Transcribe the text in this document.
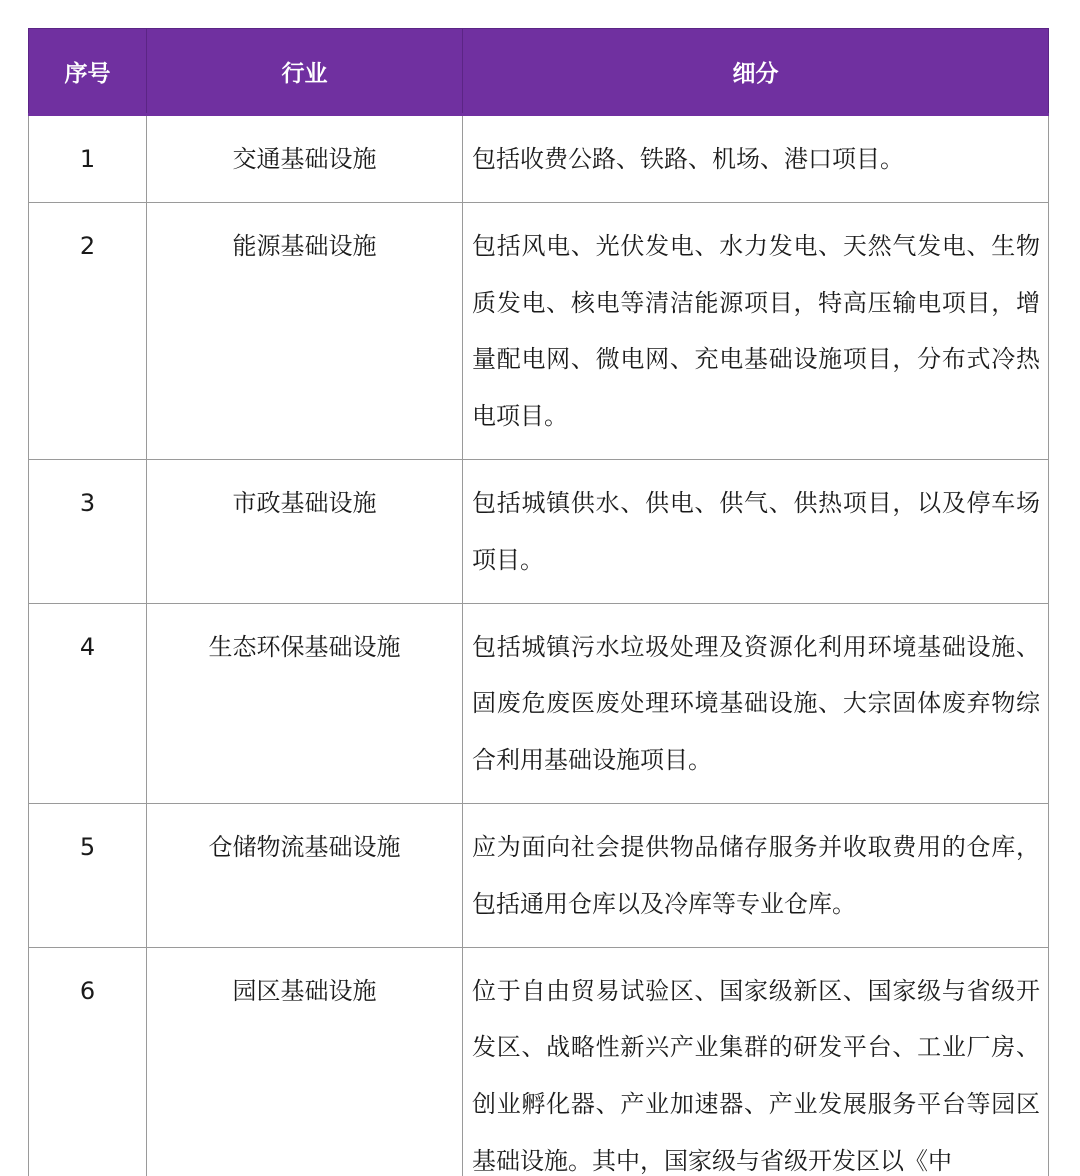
序号	行业	细分
1	交通基础设施	包括收费公路、铁路、机场、港口项目。
2	能源基础设施	包括风电、光伏发电、水力发电、天然气发电、生物质发电、核电等清洁能源项目，特高压输电项目，增量配电网、微电网、充电基础设施项目，分布式冷热电项目。
3	市政基础设施	包括城镇供水、供电、供气、供热项目，以及停车场项目。
4	生态环保基础设施	包括城镇污水垃圾处理及资源化利用环境基础设施、固废危废医废处理环境基础设施、大宗固体废弃物综合利用基础设施项目。
5	仓储物流基础设施	应为面向社会提供物品储存服务并收取费用的仓库，包括通用仓库以及冷库等专业仓库。
6	园区基础设施	位于自由贸易试验区、国家级新区、国家级与省级开发区、战略性新兴产业集群的研发平台、工业厂房、创业孵化器、产业加速器、产业发展服务平台等园区基础设施。其中，国家级与省级开发区以《中
